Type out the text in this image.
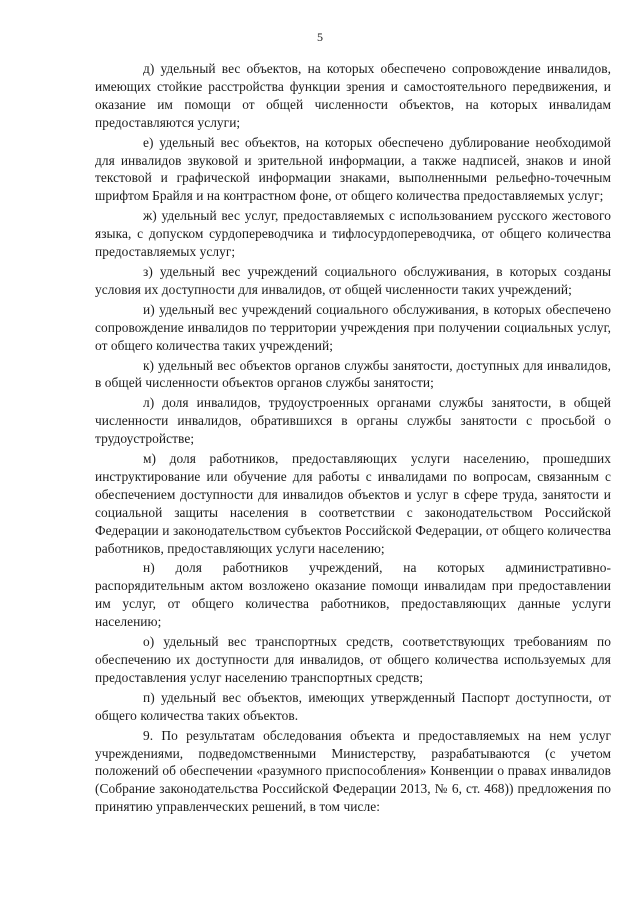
5

д) удельный вес объектов, на которых обеспечено сопровождение инвалидов, имеющих стойкие расстройства функции зрения и самостоятельного передвижения, и оказание им помощи от общей численности объектов, на которых инвалидам предоставляются услуги;

е) удельный вес объектов, на которых обеспечено дублирование необходимой для инвалидов звуковой и зрительной информации, а также надписей, знаков и иной текстовой и графической информации знаками, выполненными рельефно-точечным шрифтом Брайля и на контрастном фоне, от общего количества предоставляемых услуг;

ж) удельный вес услуг, предоставляемых с использованием русского жестового языка, с допуском сурдопереводчика и тифлосурдопереводчика, от общего количества предоставляемых услуг;

з) удельный вес учреждений социального обслуживания, в которых созданы условия их доступности для инвалидов, от общей численности таких учреждений;

и) удельный вес учреждений социального обслуживания, в которых обеспечено сопровождение инвалидов по территории учреждения при получении социальных услуг, от общего количества таких учреждений;

к) удельный вес объектов органов службы занятости, доступных для инвалидов, в общей численности объектов органов службы занятости;

л) доля инвалидов, трудоустроенных органами службы занятости, в общей численности инвалидов, обратившихся в органы службы занятости с просьбой о трудоустройстве;

м) доля работников, предоставляющих услуги населению, прошедших инструктирование или обучение для работы с инвалидами по вопросам, связанным с обеспечением доступности для инвалидов объектов и услуг в сфере труда, занятости и социальной защиты населения в соответствии с законодательством Российской Федерации и законодательством субъектов Российской Федерации, от общего количества работников, предоставляющих услуги населению;

н) доля работников учреждений, на которых административно-распорядительным актом возложено оказание помощи инвалидам при предоставлении им услуг, от общего количества работников, предоставляющих данные услуги населению;

о) удельный вес транспортных средств, соответствующих требованиям по обеспечению их доступности для инвалидов, от общего количества используемых для предоставления услуг населению транспортных средств;

п) удельный вес объектов, имеющих утвержденный Паспорт доступности, от общего количества таких объектов.

9. По результатам обследования объекта и предоставляемых на нем услуг учреждениями, подведомственными Министерству, разрабатываются (с учетом положений об обеспечении «разумного приспособления» Конвенции о правах инвалидов (Собрание законодательства Российской Федерации 2013, № 6, ст. 468)) предложения по принятию управленческих решений, в том числе:
